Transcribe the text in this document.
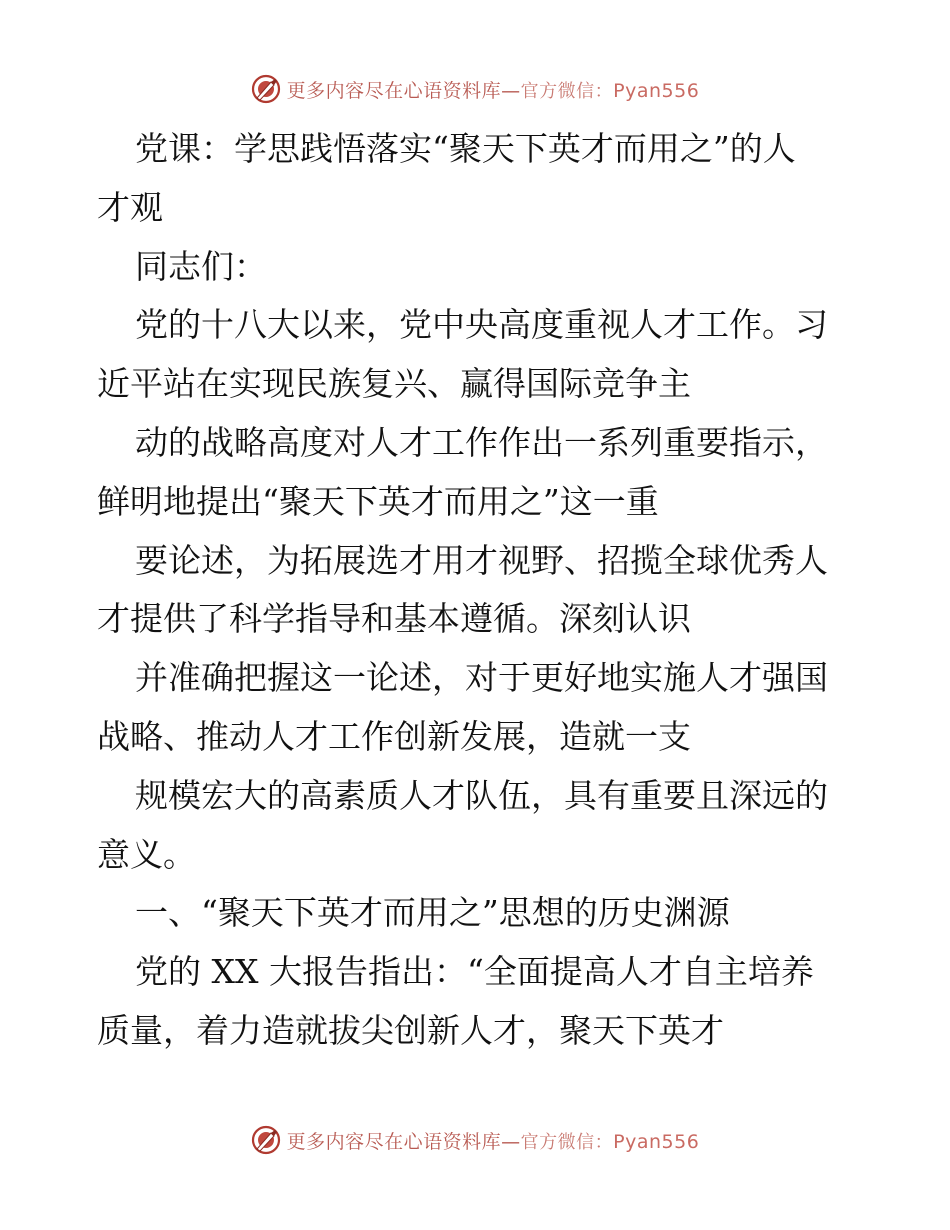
更多内容尽在心语资料库—官方微信：Pyan556
党课：学思践悟落实“聚天下英才而用之”的人
才观
同志们：
党的十八大以来，党中央高度重视人才工作。习
近平站在实现民族复兴、赢得国际竞争主
动的战略高度对人才工作作出一系列重要指示，
鲜明地提出“聚天下英才而用之”这一重
要论述，为拓展选才用才视野、招揽全球优秀人
才提供了科学指导和基本遵循。深刻认识
并准确把握这一论述，对于更好地实施人才强国
战略、推动人才工作创新发展，造就一支
规模宏大的高素质人才队伍，具有重要且深远的
意义。
一、“聚天下英才而用之”思想的历史渊源
党的 XX 大报告指出：“全面提高人才自主培养
质量，着力造就拔尖创新人才，聚天下英才
更多内容尽在心语资料库—官方微信：Pyan556
